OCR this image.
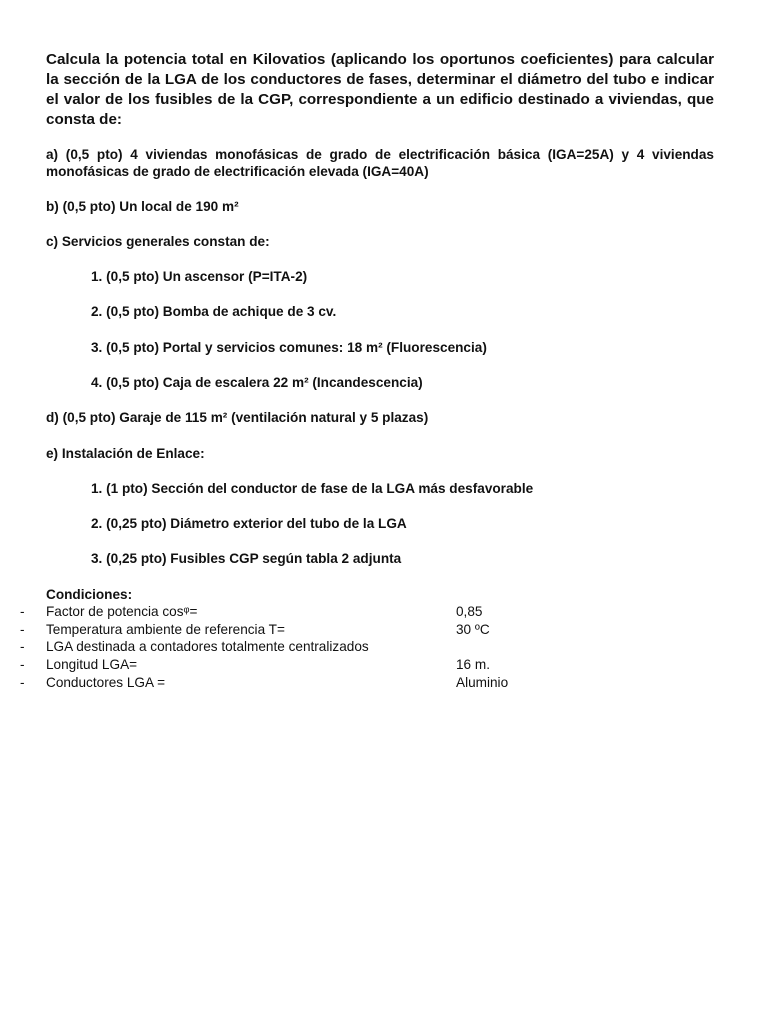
Calcula la potencia total en Kilovatios (aplicando los oportunos coeficientes) para calcular la sección de la LGA de los conductores de fases, determinar el diámetro del tubo e indicar el valor de los fusibles de la CGP, correspondiente a un edificio destinado a viviendas, que consta de:
a) (0,5 pto) 4 viviendas monofásicas de grado de electrificación básica (IGA=25A) y 4 viviendas monofásicas de grado de electrificación elevada (IGA=40A)
b) (0,5 pto) Un local de 190 m²
c) Servicios generales constan de:
1. (0,5 pto) Un ascensor (P=ITA-2)
2. (0,5 pto) Bomba de achique de 3 cv.
3. (0,5 pto) Portal y servicios comunes: 18 m² (Fluorescencia)
4. (0,5 pto) Caja de escalera 22 m² (Incandescencia)
d) (0,5 pto) Garaje de 115 m² (ventilación natural y 5 plazas)
e) Instalación de Enlace:
1. (1 pto) Sección del conductor de fase de la LGA más desfavorable
2. (0,25 pto) Diámetro exterior del tubo de la LGA
3. (0,25 pto) Fusibles CGP según tabla 2 adjunta
Condiciones:
- Factor de potencia cosᵠ=	0,85
- Temperatura ambiente de referencia T=	30 ºC
- LGA destinada a contadores totalmente centralizados
- Longitud LGA=	16 m.
- Conductores LGA =	Aluminio
